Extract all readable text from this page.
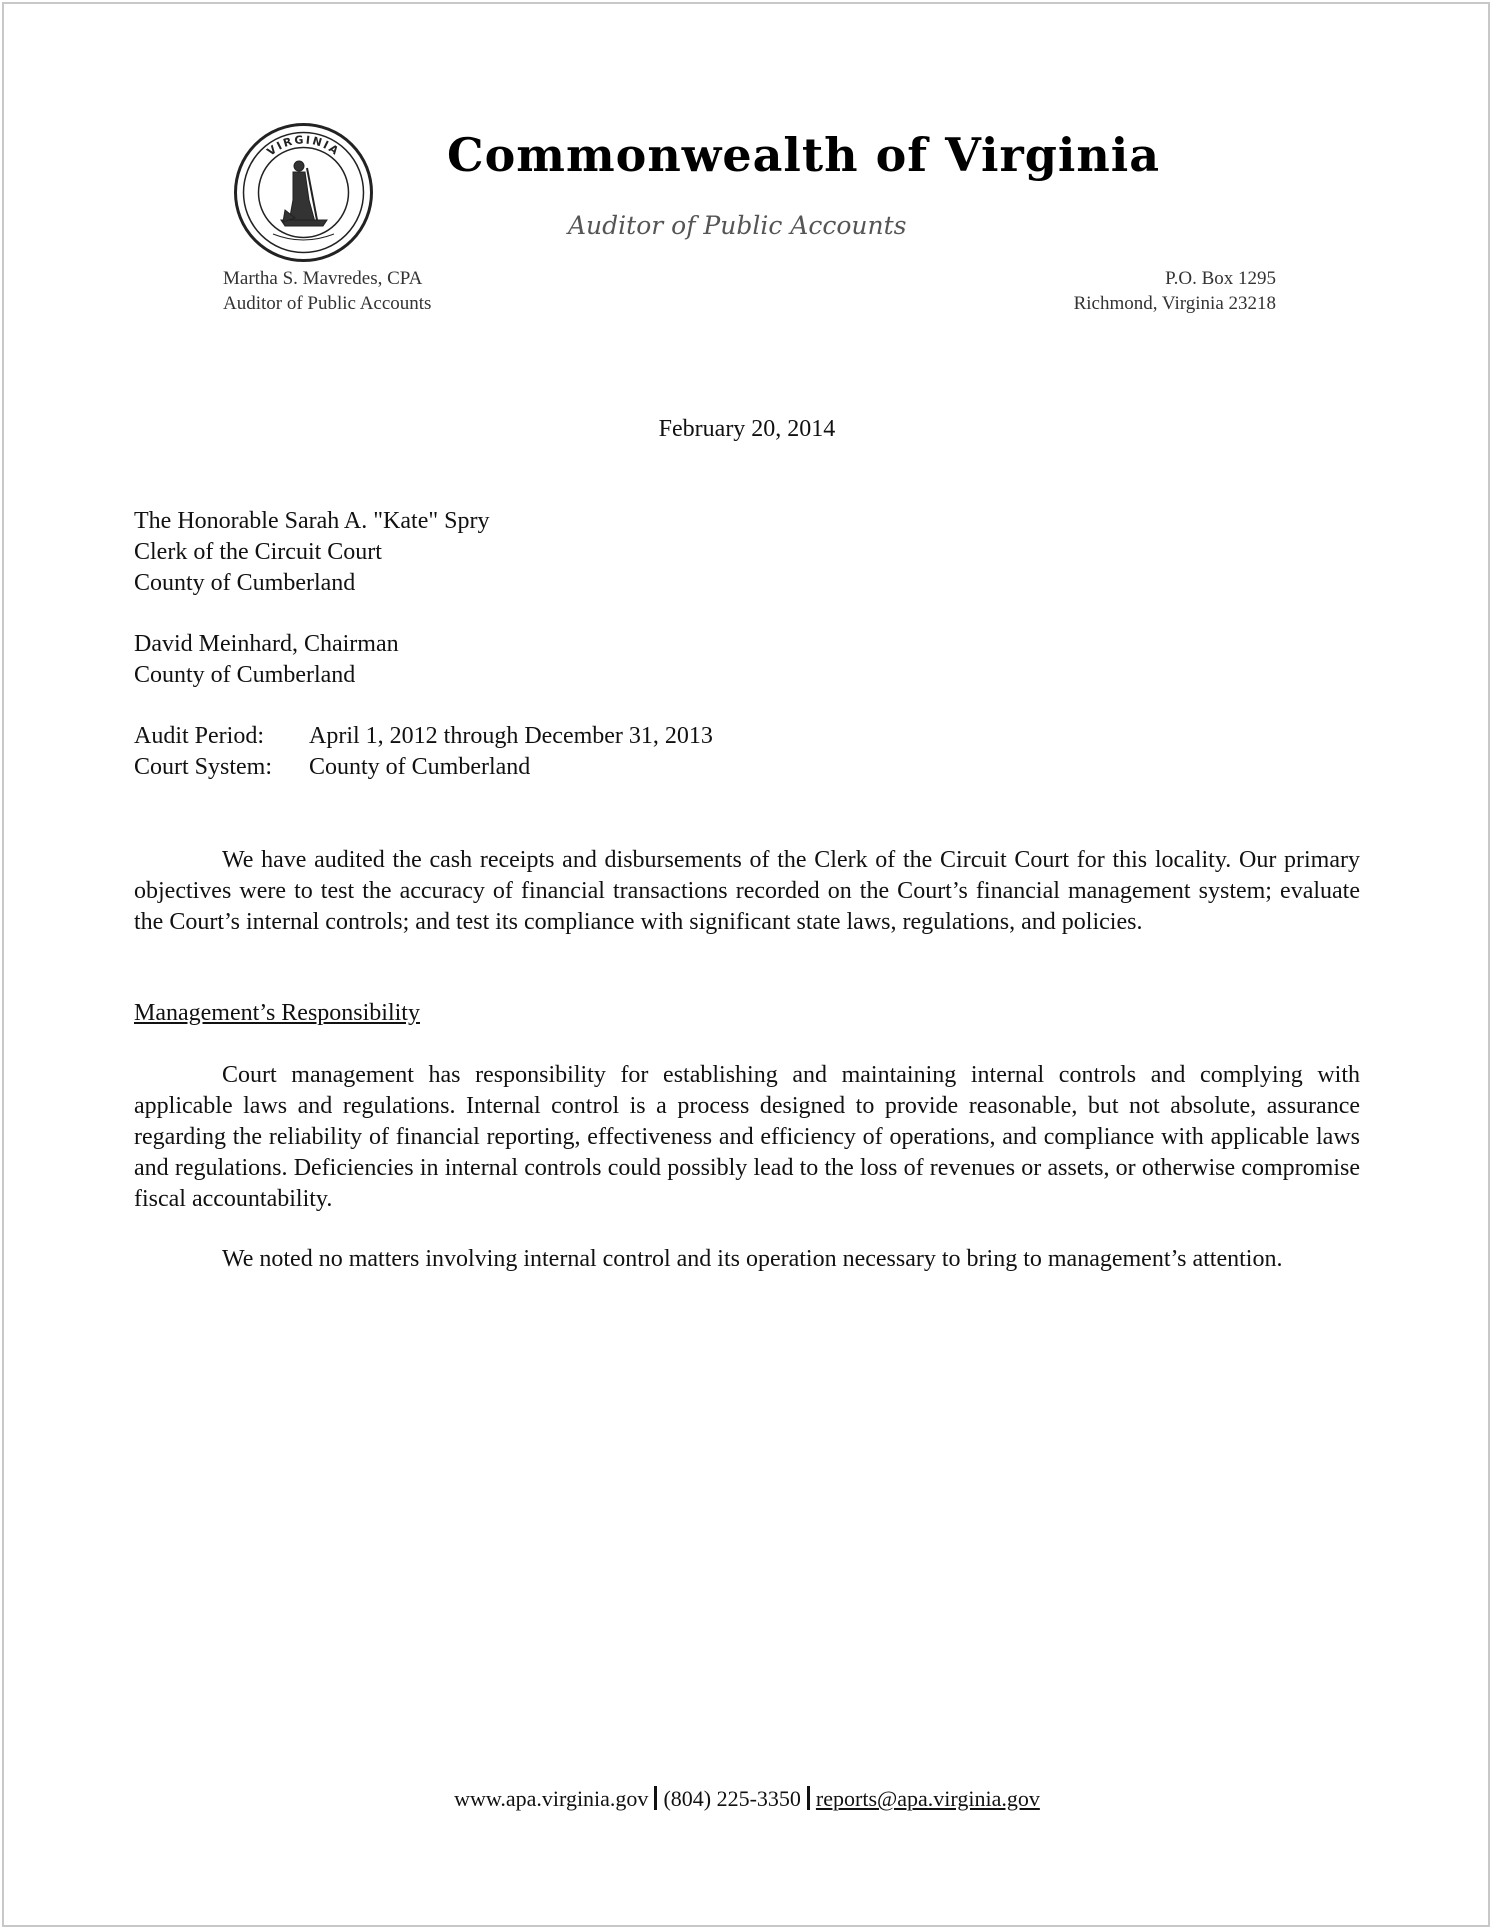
VIRGINIA Commonwealth of Virginia
Auditor of Public Accounts
Martha S. Mavredes, CPA
Auditor of Public Accounts
P.O. Box 1295
Richmond, Virginia 23218
February 20, 2014
The Honorable Sarah A. "Kate" Spry
Clerk of the Circuit Court
County of Cumberland
David Meinhard, Chairman
County of Cumberland
Audit Period: April 1, 2012 through December 31, 2013
Court System: County of Cumberland

We have audited the cash receipts and disbursements of the Clerk of the Circuit Court for this locality. Our primary objectives were to test the accuracy of financial transactions recorded on the Court’s financial management system; evaluate the Court’s internal controls; and test its compliance with significant state laws, regulations, and policies.

Management’s Responsibility

Court management has responsibility for establishing and maintaining internal controls and complying with applicable laws and regulations. Internal control is a process designed to provide reasonable, but not absolute, assurance regarding the reliability of financial reporting, effectiveness and efficiency of operations, and compliance with applicable laws and regulations. Deficiencies in internal controls could possibly lead to the loss of revenues or assets, or otherwise compromise fiscal accountability.

We noted no matters involving internal control and its operation necessary to bring to management’s attention.

www.apa.virginia.gov (804) 225-3350 reports@apa.virginia.gov
